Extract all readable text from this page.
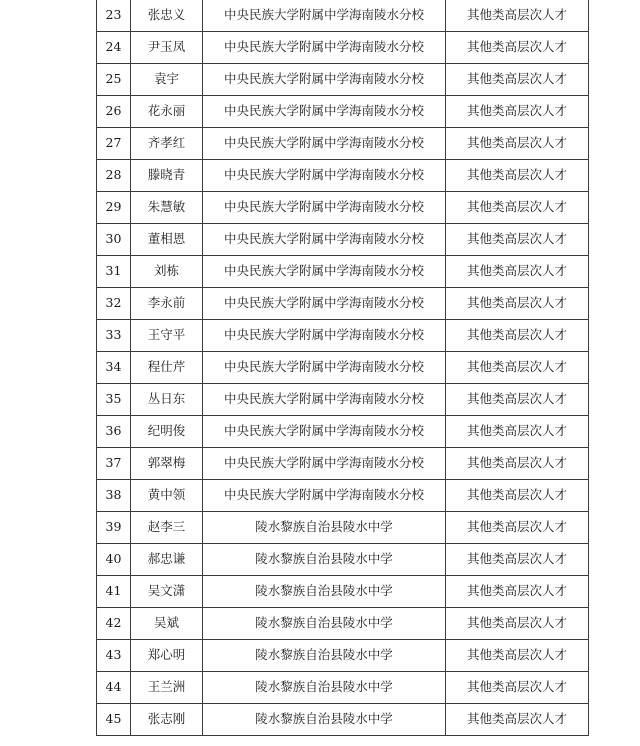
23	张忠义	中央民族大学附属中学海南陵水分校	其他类高层次人才
24	尹玉凤	中央民族大学附属中学海南陵水分校	其他类高层次人才
25	袁宇	中央民族大学附属中学海南陵水分校	其他类高层次人才
26	花永丽	中央民族大学附属中学海南陵水分校	其他类高层次人才
27	齐孝红	中央民族大学附属中学海南陵水分校	其他类高层次人才
28	滕晓青	中央民族大学附属中学海南陵水分校	其他类高层次人才
29	朱慧敏	中央民族大学附属中学海南陵水分校	其他类高层次人才
30	董相恩	中央民族大学附属中学海南陵水分校	其他类高层次人才
31	刘栋	中央民族大学附属中学海南陵水分校	其他类高层次人才
32	李永前	中央民族大学附属中学海南陵水分校	其他类高层次人才
33	王守平	中央民族大学附属中学海南陵水分校	其他类高层次人才
34	程仕芹	中央民族大学附属中学海南陵水分校	其他类高层次人才
35	丛日东	中央民族大学附属中学海南陵水分校	其他类高层次人才
36	纪明俊	中央民族大学附属中学海南陵水分校	其他类高层次人才
37	郭翠梅	中央民族大学附属中学海南陵水分校	其他类高层次人才
38	黄中领	中央民族大学附属中学海南陵水分校	其他类高层次人才
39	赵李三	陵水黎族自治县陵水中学	其他类高层次人才
40	郝忠谦	陵水黎族自治县陵水中学	其他类高层次人才
41	吴文潇	陵水黎族自治县陵水中学	其他类高层次人才
42	吴斌	陵水黎族自治县陵水中学	其他类高层次人才
43	郑心明	陵水黎族自治县陵水中学	其他类高层次人才
44	王兰洲	陵水黎族自治县陵水中学	其他类高层次人才
45	张志刚	陵水黎族自治县陵水中学	其他类高层次人才
